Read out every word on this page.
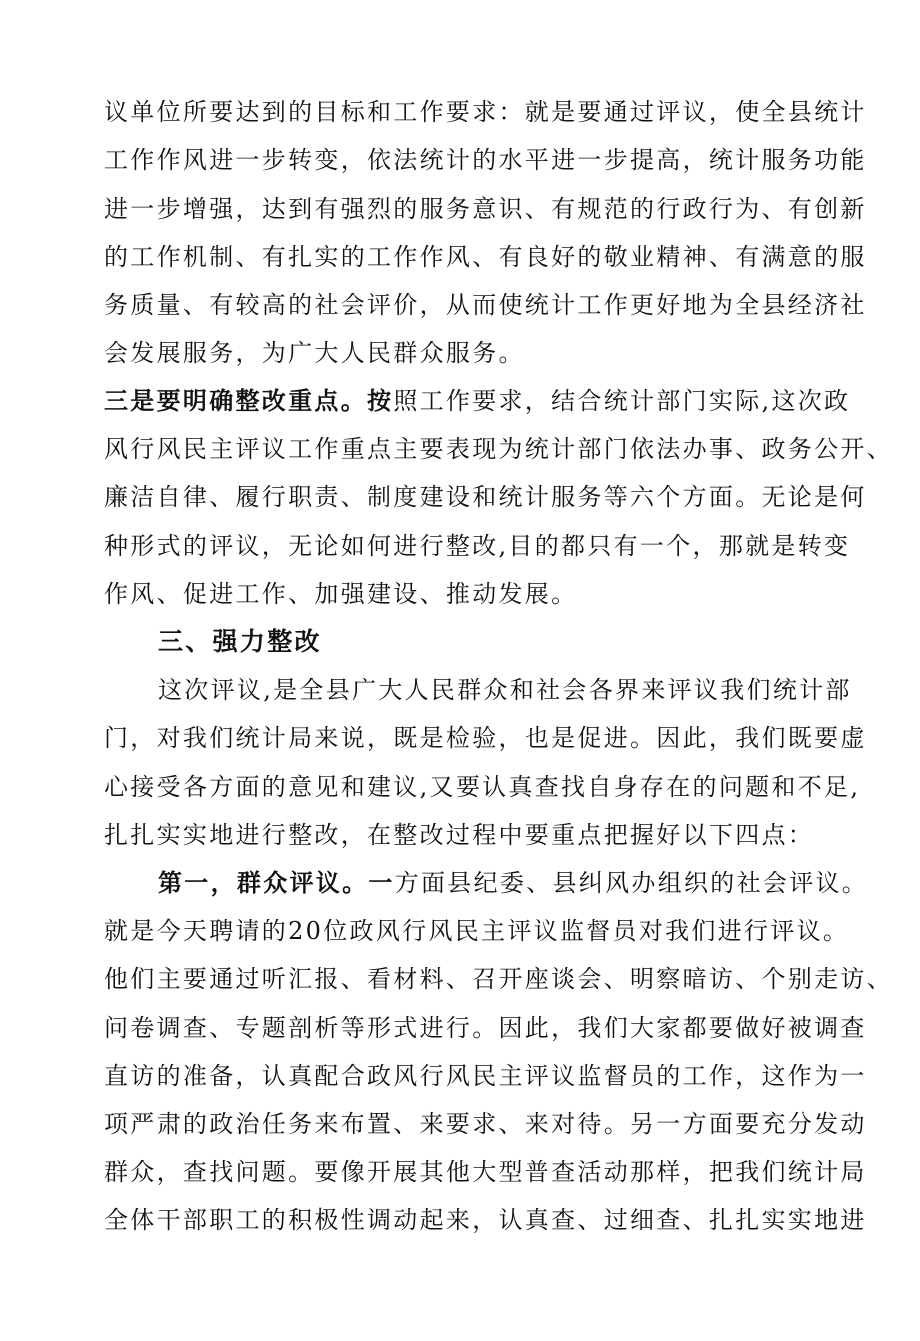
议单位所要达到的目标和工作要求：就是要通过评议，使全县统计
工作作风进一步转变，依法统计的水平进一步提高，统计服务功能
进一步增强，达到有强烈的服务意识、有规范的行政行为、有创新
的工作机制、有扎实的工作作风、有良好的敬业精神、有满意的服
务质量、有较高的社会评价，从而使统计工作更好地为全县经济社
会发展服务，为广大人民群众服务。
三是要明确整改重点。按照工作要求，结合统计部门实际,这次政
风行风民主评议工作重点主要表现为统计部门依法办事、政务公开、
廉洁自律、履行职责、制度建设和统计服务等六个方面。无论是何
种形式的评议，无论如何进行整改,目的都只有一个，那就是转变
作风、促进工作、加强建设、推动发展。
三、强力整改
这次评议,是全县广大人民群众和社会各界来评议我们统计部
门，对我们统计局来说，既是检验，也是促进。因此，我们既要虚
心接受各方面的意见和建议,又要认真查找自身存在的问题和不足,
扎扎实实地进行整改，在整改过程中要重点把握好以下四点：
第一，群众评议。一方面县纪委、县纠风办组织的社会评议。
就是今天聘请的20位政风行风民主评议监督员对我们进行评议。
他们主要通过听汇报、看材料、召开座谈会、明察暗访、个别走访、
问卷调查、专题剖析等形式进行。因此，我们大家都要做好被调查
直访的准备，认真配合政风行风民主评议监督员的工作，这作为一
项严肃的政治任务来布置、来要求、来对待。另一方面要充分发动
群众，查找问题。要像开展其他大型普查活动那样，把我们统计局
全体干部职工的积极性调动起来，认真查、过细查、扎扎实实地进
